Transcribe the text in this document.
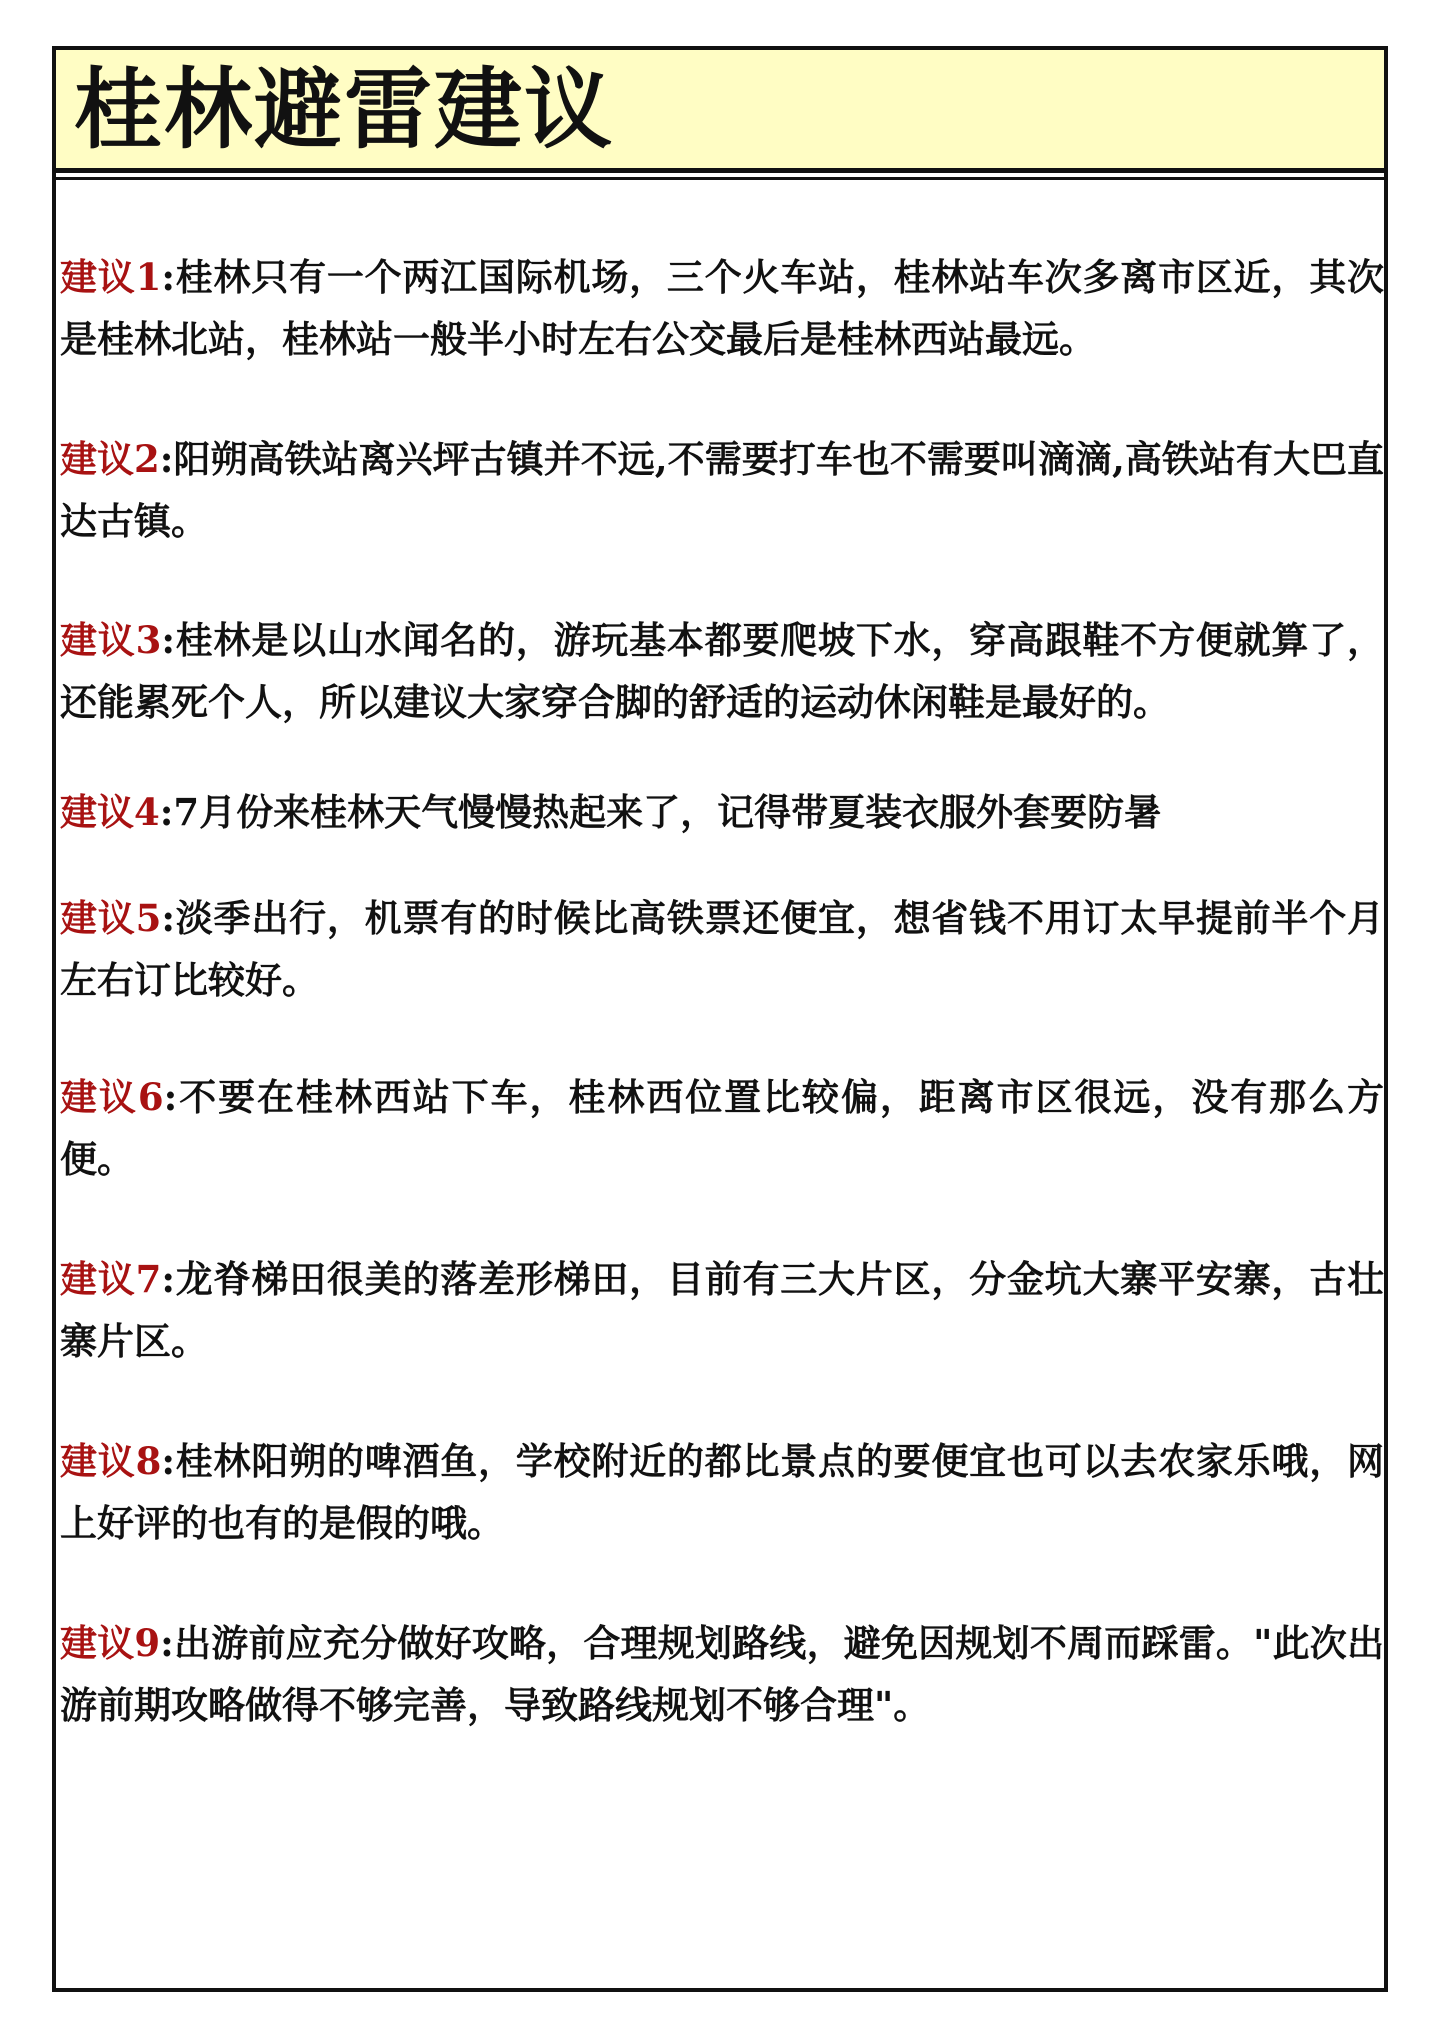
桂林避雷建议
建议1:桂林只有一个两江国际机场，三个火车站，桂林站车次多离市区近，其次是桂林北站，桂林站一般半小时左右公交最后是桂林西站最远。
建议2:阳朔高铁站离兴坪古镇并不远,不需要打车也不需要叫滴滴,高铁站有大巴直达古镇。
建议3:桂林是以山水闻名的，游玩基本都要爬坡下水，穿高跟鞋不方便就算了，还能累死个人，所以建议大家穿合脚的舒适的运动休闲鞋是最好的。
建议4:7月份来桂林天气慢慢热起来了，记得带夏装衣服外套要防暑
建议5:淡季出行，机票有的时候比高铁票还便宜，想省钱不用订太早提前半个月左右订比较好。
建议6:不要在桂林西站下车，桂林西位置比较偏，距离市区很远，没有那么方便。
建议7:龙脊梯田很美的落差形梯田，目前有三大片区，分金坑大寨平安寨，古壮寨片区。
建议8:桂林阳朔的啤酒鱼，学校附近的都比景点的要便宜也可以去农家乐哦，网上好评的也有的是假的哦。
建议9:出游前应充分做好攻略，合理规划路线，避免因规划不周而踩雷。"此次出游前期攻略做得不够完善，导致路线规划不够合理"。
